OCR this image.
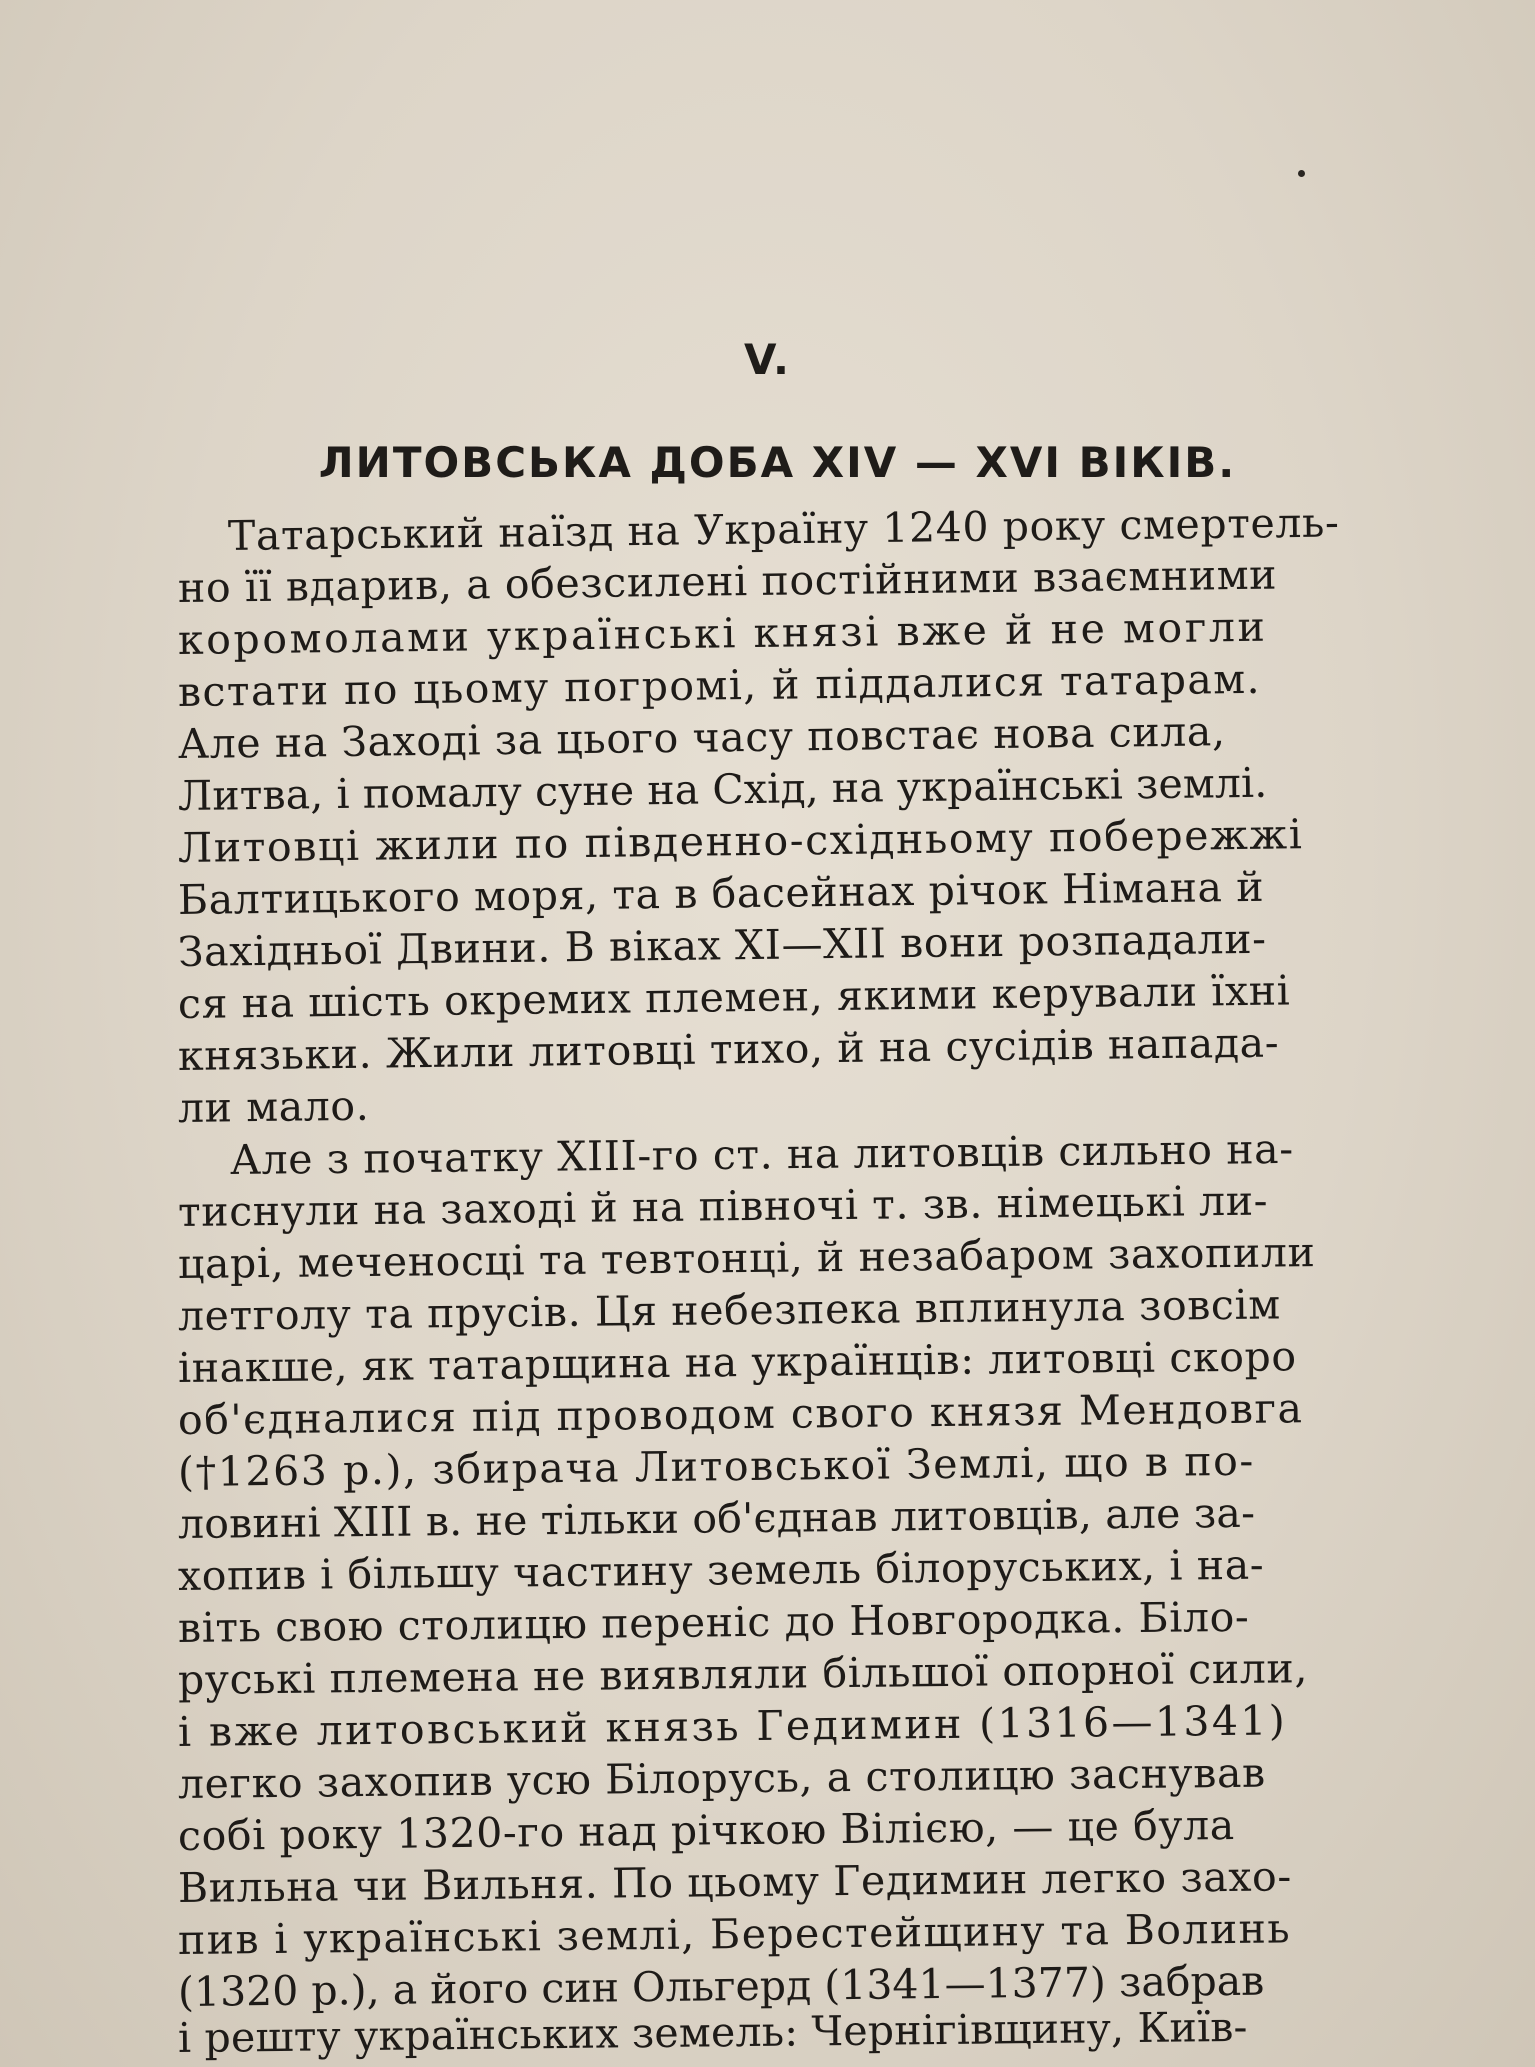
V.
ЛИТОВСЬКА ДОБА XIV — XVI ВІКІВ.
Татарський наїзд на Україну 1240 року смертель-
но її вдарив, а обезсилені постійними взаємними
коромолами українські князі вже й не могли
встати по цьому погромі, й піддалися татарам.
Але на Заході за цього часу повстає нова сила,
Литва, і помалу суне на Схід, на українські землі.
Литовці жили по південно-східньому побережжі
Балтицького моря, та в басейнах річок Німана й
Західньої Двини. В віках XI—XII вони розпадали-
ся на шість окремих племен, якими керували їхні
князьки. Жили литовці тихо, й на сусідів напада-
ли мало.
Але з початку XIII-го ст. на литовців сильно на-
тиснули на заході й на півночі т. зв. німецькі ли-
царі, меченосці та тевтонці, й незабаром захопили
летголу та прусів. Ця небезпека вплинула зовсім
інакше, як татарщина на українців: литовці скоро
об'єдналися під проводом свого князя Мендовга
(†1263 р.), збирача Литовської Землі, що в по-
ловині XIII в. не тільки об'єднав литовців, але за-
хопив і більшу частину земель білоруських, і на-
віть свою столицю переніс до Новгородка. Біло-
руські племена не виявляли більшої опорної сили,
і вже литовський князь Гедимин (1316—1341)
легко захопив усю Білорусь, а столицю заснував
собі року 1320-го над річкою Вілією, — це була
Вильна чи Вильня. По цьому Гедимин легко захо-
пив і українські землі, Берестейщину та Волинь
(1320 р.), а його син Ольгерд (1341—1377) забрав
і решту українських земель: Чернігівщину, Київ-
